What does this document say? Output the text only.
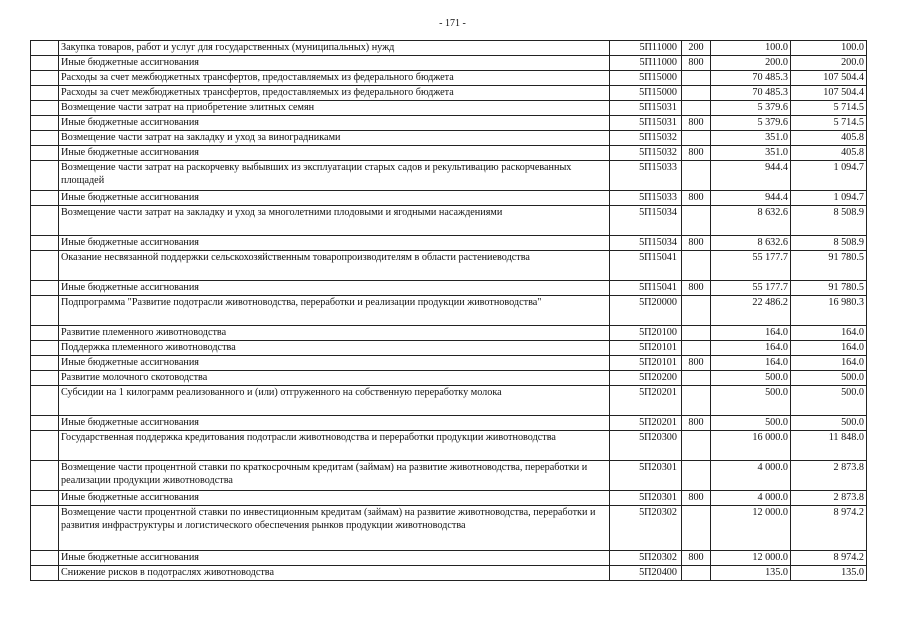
- 171 -
	Закупка товаров, работ и услуг для государственных (муниципальных) нужд	5П11000	200	100.0	100.0
	Иные бюджетные ассигнования	5П11000	800	200.0	200.0
	Расходы за счет межбюджетных трансфертов, предоставляемых из федерального бюджета	5П15000		70 485.3	107 504.4
	Расходы за счет межбюджетных трансфертов, предоставляемых из федерального бюджета	5П15000		70 485.3	107 504.4
	Возмещение части затрат на приобретение элитных семян	5П15031		5 379.6	5 714.5
	Иные бюджетные ассигнования	5П15031	800	5 379.6	5 714.5
	Возмещение части затрат на закладку и уход за виноградниками	5П15032		351.0	405.8
	Иные бюджетные ассигнования	5П15032	800	351.0	405.8
	Возмещение части затрат на раскорчевку выбывших из эксплуатации старых садов и рекультивацию раскорчеванных площадей	5П15033		944.4	1 094.7
	Иные бюджетные ассигнования	5П15033	800	944.4	1 094.7
	Возмещение части затрат на закладку и уход за многолетними плодовыми и ягодными насаждениями	5П15034		8 632.6	8 508.9
	Иные бюджетные ассигнования	5П15034	800	8 632.6	8 508.9
	Оказание несвязанной поддержки сельскохозяйственным товаропроизводителям в области растениеводства	5П15041		55 177.7	91 780.5
	Иные бюджетные ассигнования	5П15041	800	55 177.7	91 780.5
	Подпрограмма "Развитие подотрасли животноводства, переработки и реализации продукции животноводства"	5П20000		22 486.2	16 980.3
	Развитие племенного животноводства	5П20100		164.0	164.0
	Поддержка племенного животноводства	5П20101		164.0	164.0
	Иные бюджетные ассигнования	5П20101	800	164.0	164.0
	Развитие молочного скотоводства	5П20200		500.0	500.0
	Субсидии на 1 килограмм реализованного и (или) отгруженного на собственную переработку молока	5П20201		500.0	500.0
	Иные бюджетные ассигнования	5П20201	800	500.0	500.0
	Государственная поддержка кредитования подотрасли животноводства и переработки продукции животноводства	5П20300		16 000.0	11 848.0
	Возмещение части процентной ставки по краткосрочным кредитам (займам) на развитие животноводства, переработки и реализации продукции животноводства	5П20301		4 000.0	2 873.8
	Иные бюджетные ассигнования	5П20301	800	4 000.0	2 873.8
	Возмещение части процентной ставки по инвестиционным кредитам (займам) на развитие животноводства, переработки и развития инфраструктуры и логистического обеспечения рынков продукции животноводства	5П20302		12 000.0	8 974.2
	Иные бюджетные ассигнования	5П20302	800	12 000.0	8 974.2
	Снижение рисков в подотраслях животноводства	5П20400		135.0	135.0
